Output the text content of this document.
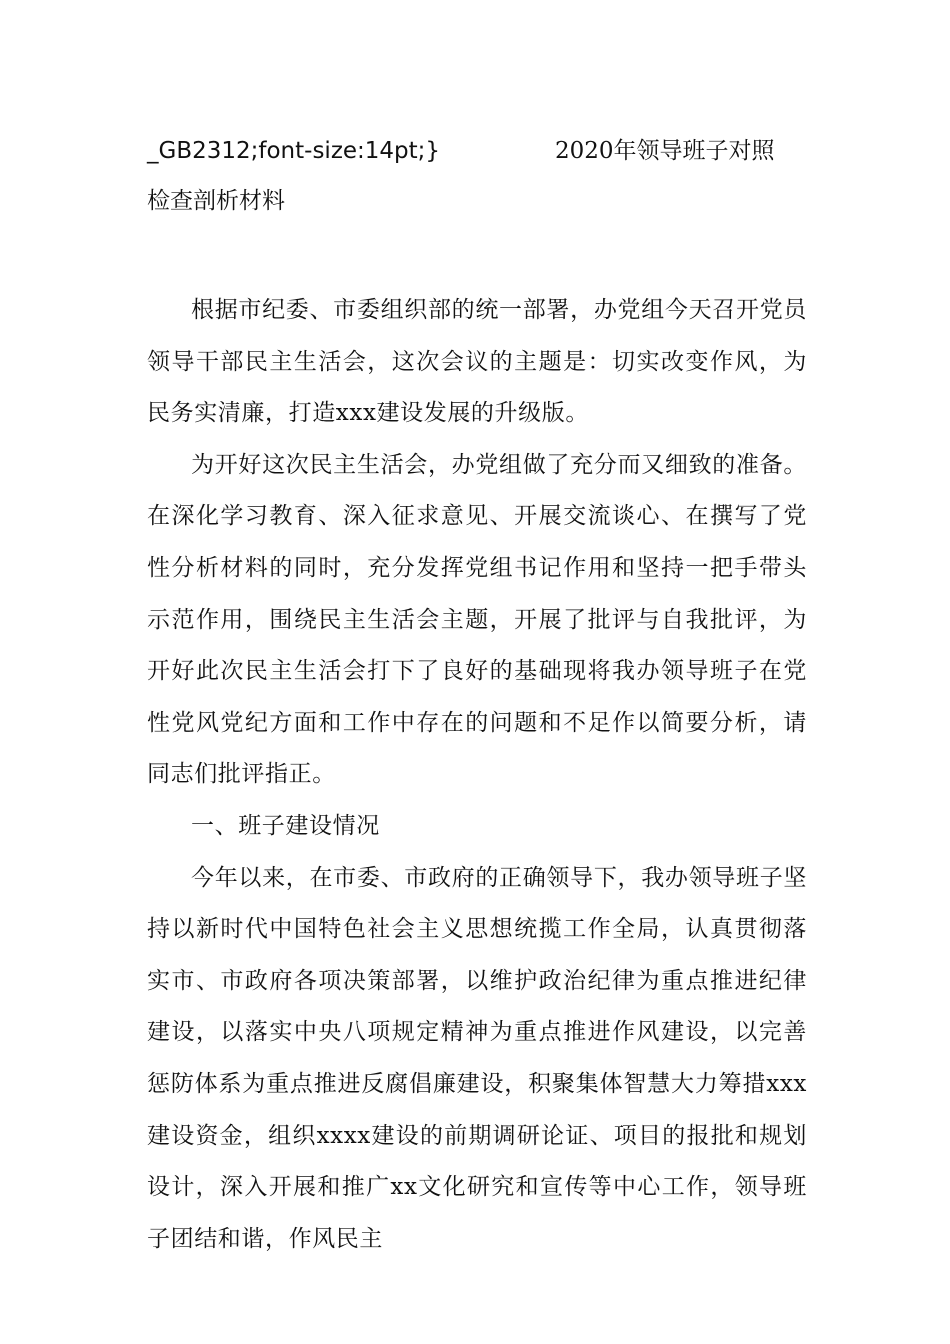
_GB2312;font-size:14pt;}	2020年领导班子对照
检查剖析材料

根据市纪委、市委组织部的统一部署，办党组今天召开党员领导干部民主生活会，这次会议的主题是：切实改变作风，为民务实清廉，打造xxx建设发展的升级版。

为开好这次民主生活会，办党组做了充分而又细致的准备。在深化学习教育、深入征求意见、开展交流谈心、在撰写了党性分析材料的同时，充分发挥党组书记作用和坚持一把手带头示范作用，围绕民主生活会主题，开展了批评与自我批评，为开好此次民主生活会打下了良好的基础现将我办领导班子在党性党风党纪方面和工作中存在的问题和不足作以简要分析，请同志们批评指正。

一、班子建设情况

今年以来，在市委、市政府的正确领导下，我办领导班子坚持以新时代中国特色社会主义思想统揽工作全局，认真贯彻落实市、市政府各项决策部署，以维护政治纪律为重点推进纪律建设，以落实中央八项规定精神为重点推进作风建设，以完善惩防体系为重点推进反腐倡廉建设，积聚集体智慧大力筹措xxx建设资金，组织xxxx建设的前期调研论证、项目的报批和规划设计，深入开展和推广xx文化研究和宣传等中心工作，领导班子团结和谐，作风民主
